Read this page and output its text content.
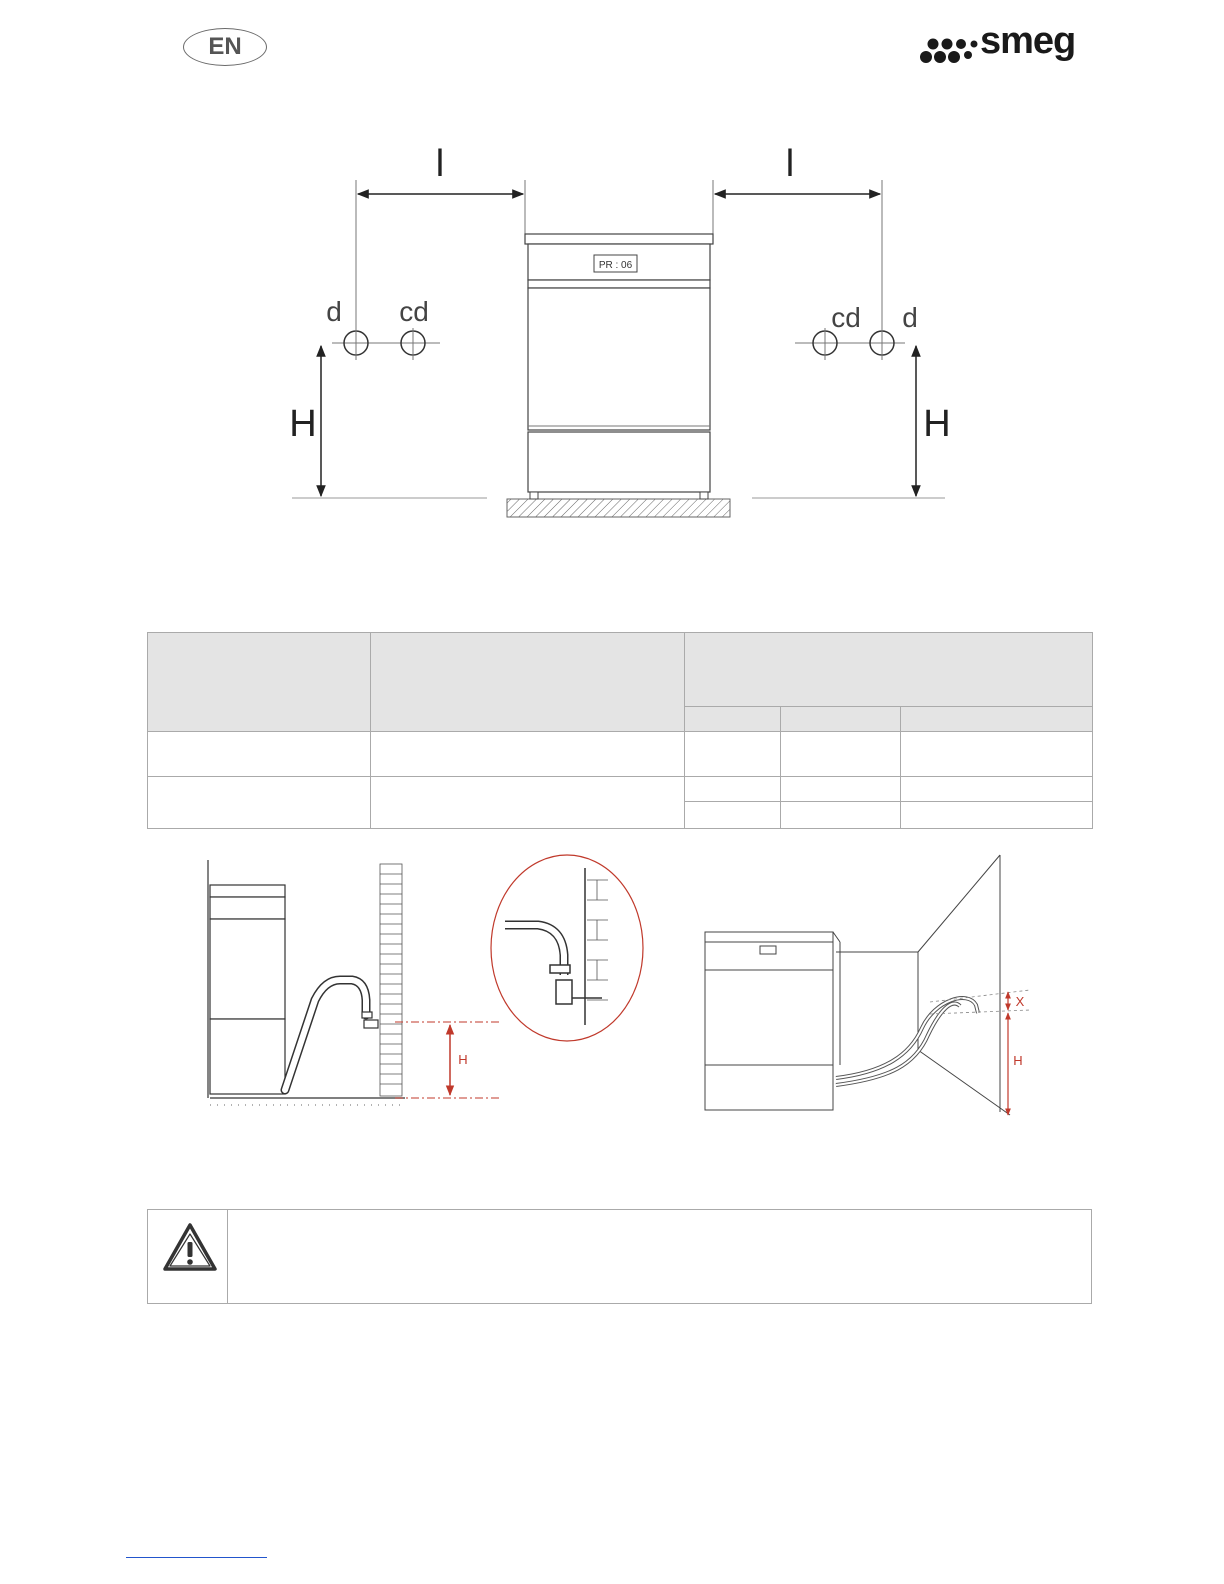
EN	smeg
l	l
d cd	cd d
H	H
PR : 06

H
X
H
